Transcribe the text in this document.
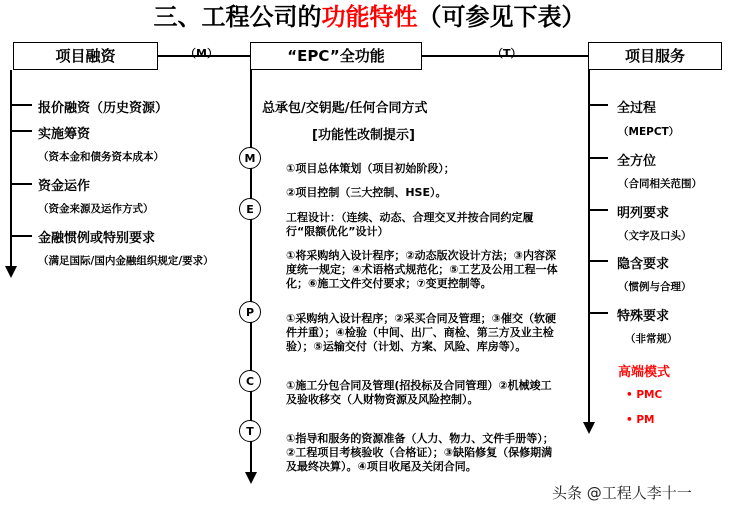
三、工程公司的功能特性（可参见下表）
（M）	（T）
项目融资	“EPC”全功能	项目服务
报价融资（历史资源）
实施筹资
（资本金和债务资本成本）
资金运作
（资金来源及运作方式）
金融惯例或特别要求
（满足国际/国内金融组织规定/要求）
总承包/交钥匙/任何合同方式
[功能性改制提示]
M
①项目总体策划（项目初始阶段）；
②项目控制（三大控制、HSE）。
E
工程设计：（连续、动态、合理交叉并按合同约定履行“限额优化”设计）
①将采购纳入设计程序；②动态版次设计方法；③内容深度统一规定；④术语格式规范化；⑤工艺及公用工程一体化；⑥施工文件交付要求；⑦变更控制等。
P	①采购纳入设计程序；②采买合同及管理；③催交（软硬件并重）；④检验（中间、出厂、商检、第三方及业主检验）；⑤运输交付（计划、方案、风险、库房等）。
C	①施工分包合同及管理(招投标及合同管理）②机械竣工及验收移交（人财物资源及风险控制）。
T
①指导和服务的资源准备（人力、物力、文件手册等）；②工程项目考核验收（合格证）；③缺陷修复（保修期满及最终决算）。④项目收尾及关闭合同。
全过程
（MEPCT）
全方位
（合同相关范围）
明列要求
（文字及口头）
隐含要求
（惯例与合理）
特殊要求
（非常规）
高端模式
• PMC
• PM
头条 @工程人李十一
